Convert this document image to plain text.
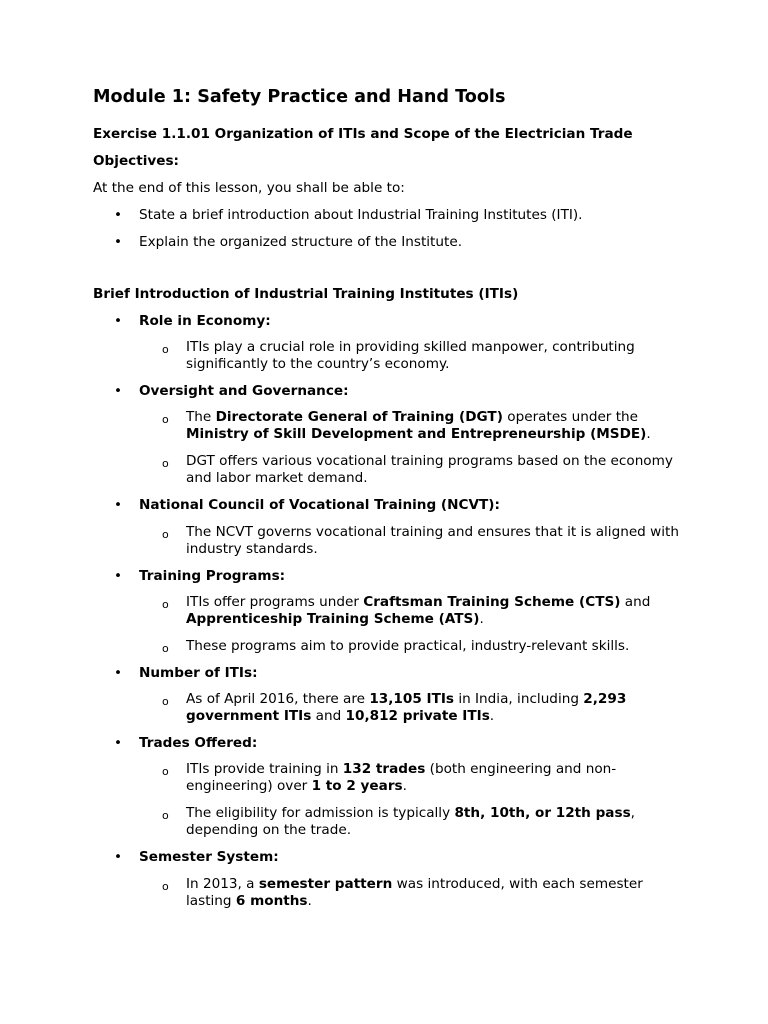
Module 1: Safety Practice and Hand Tools
Exercise 1.1.01 Organization of ITIs and Scope of the Electrician Trade
Objectives:
At the end of this lesson, you shall be able to:
• State a brief introduction about Industrial Training Institutes (ITI).
• Explain the organized structure of the Institute.
Brief Introduction of Industrial Training Institutes (ITIs)
• Role in Economy:
o ITIs play a crucial role in providing skilled manpower, contributing significantly to the country’s economy.
• Oversight and Governance:
o The Directorate General of Training (DGT) operates under the Ministry of Skill Development and Entrepreneurship (MSDE).
o DGT offers various vocational training programs based on the economy and labor market demand.
• National Council of Vocational Training (NCVT):
o The NCVT governs vocational training and ensures that it is aligned with industry standards.
• Training Programs:
o ITIs offer programs under Craftsman Training Scheme (CTS) and Apprenticeship Training Scheme (ATS).
o These programs aim to provide practical, industry-relevant skills.
• Number of ITIs:
o As of April 2016, there are 13,105 ITIs in India, including 2,293 government ITIs and 10,812 private ITIs.
• Trades Offered:
o ITIs provide training in 132 trades (both engineering and non-engineering) over 1 to 2 years.
o The eligibility for admission is typically 8th, 10th, or 12th pass, depending on the trade.
• Semester System:
o In 2013, a semester pattern was introduced, with each semester lasting 6 months.
